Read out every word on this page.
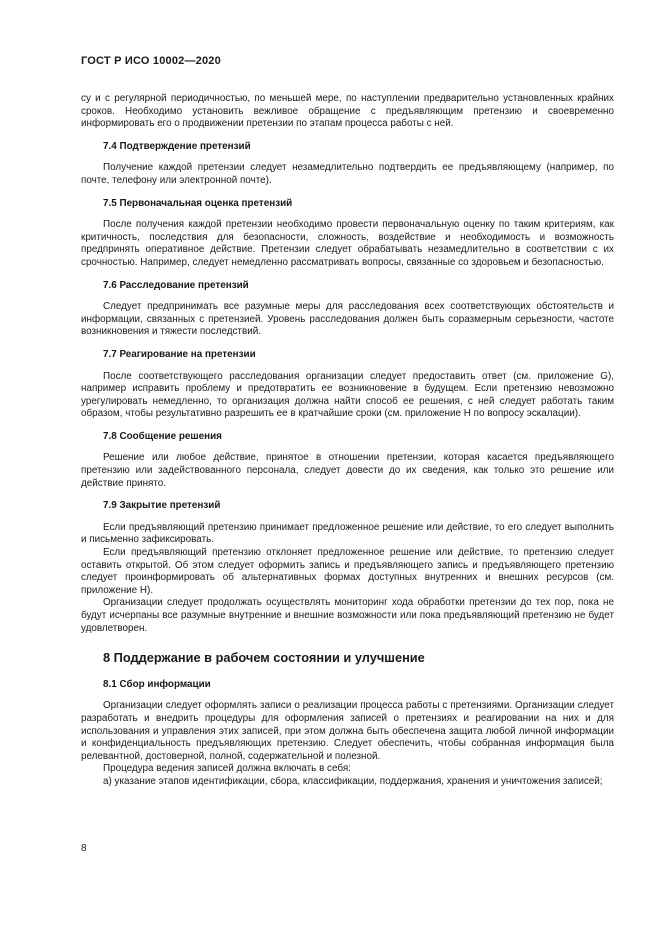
ГОСТ Р ИСО 10002—2020

су и с регулярной периодичностью, по меньшей мере, по наступлении предварительно установленных крайних сроков. Необходимо установить вежливое обращение с предъявляющим претензию и своевременно информировать его о продвижении претензии по этапам процесса работы с ней.

7.4 Подтверждение претензий

Получение каждой претензии следует незамедлительно подтвердить ее предъявляющему (например, по почте, телефону или электронной почте).

7.5 Первоначальная оценка претензий

После получения каждой претензии необходимо провести первоначальную оценку по таким критериям, как критичность, последствия для безопасности, сложность, воздействие и необходимость и возможность предпринять оперативное действие. Претензии следует обрабатывать незамедлительно в соответствии с их срочностью. Например, следует немедленно рассматривать вопросы, связанные со здоровьем и безопасностью.

7.6 Расследование претензий

Следует предпринимать все разумные меры для расследования всех соответствующих обстоятельств и информации, связанных с претензией. Уровень расследования должен быть соразмерным серьезности, частоте возникновения и тяжести последствий.

7.7 Реагирование на претензии

После соответствующего расследования организации следует предоставить ответ (см. приложение G), например исправить проблему и предотвратить ее возникновение в будущем. Если претензию невозможно урегулировать немедленно, то организация должна найти способ ее решения, с ней следует работать таким образом, чтобы результативно разрешить ее в кратчайшие сроки (см. приложение Н по вопросу эскалации).

7.8 Сообщение решения

Решение или любое действие, принятое в отношении претензии, которая касается предъявляющего претензию или задействованного персонала, следует довести до их сведения, как только это решение или действие принято.

7.9 Закрытие претензий

Если предъявляющий претензию принимает предложенное решение или действие, то его следует выполнить и письменно зафиксировать.

Если предъявляющий претензию отклоняет предложенное решение или действие, то претензию следует оставить открытой. Об этом следует оформить запись и предъявляющего запись и предъявляющего претензию следует проинформировать об альтернативных формах доступных внутренних и внешних ресурсов (см. приложение Н).

Организации следует продолжать осуществлять мониторинг хода обработки претензии до тех пор, пока не будут исчерпаны все разумные внутренние и внешние возможности или пока предъявляющий претензию не будет удовлетворен.

8 Поддержание в рабочем состоянии и улучшение
8.1 Сбор информации

Организации следует оформлять записи о реализации процесса работы с претензиями. Организации следует разработать и внедрить процедуры для оформления записей о претензиях и реагировании на них и для использования и управления этих записей, при этом должна быть обеспечена защита любой личной информации и конфиденциальность предъявляющих претензию. Следует обеспечить, чтобы собранная информация была релевантной, достоверной, полной, содержательной и полезной.

Процедура ведения записей должна включать в себя:

а) указание этапов идентификации, сбора, классификации, поддержания, хранения и уничтожения записей;

8
